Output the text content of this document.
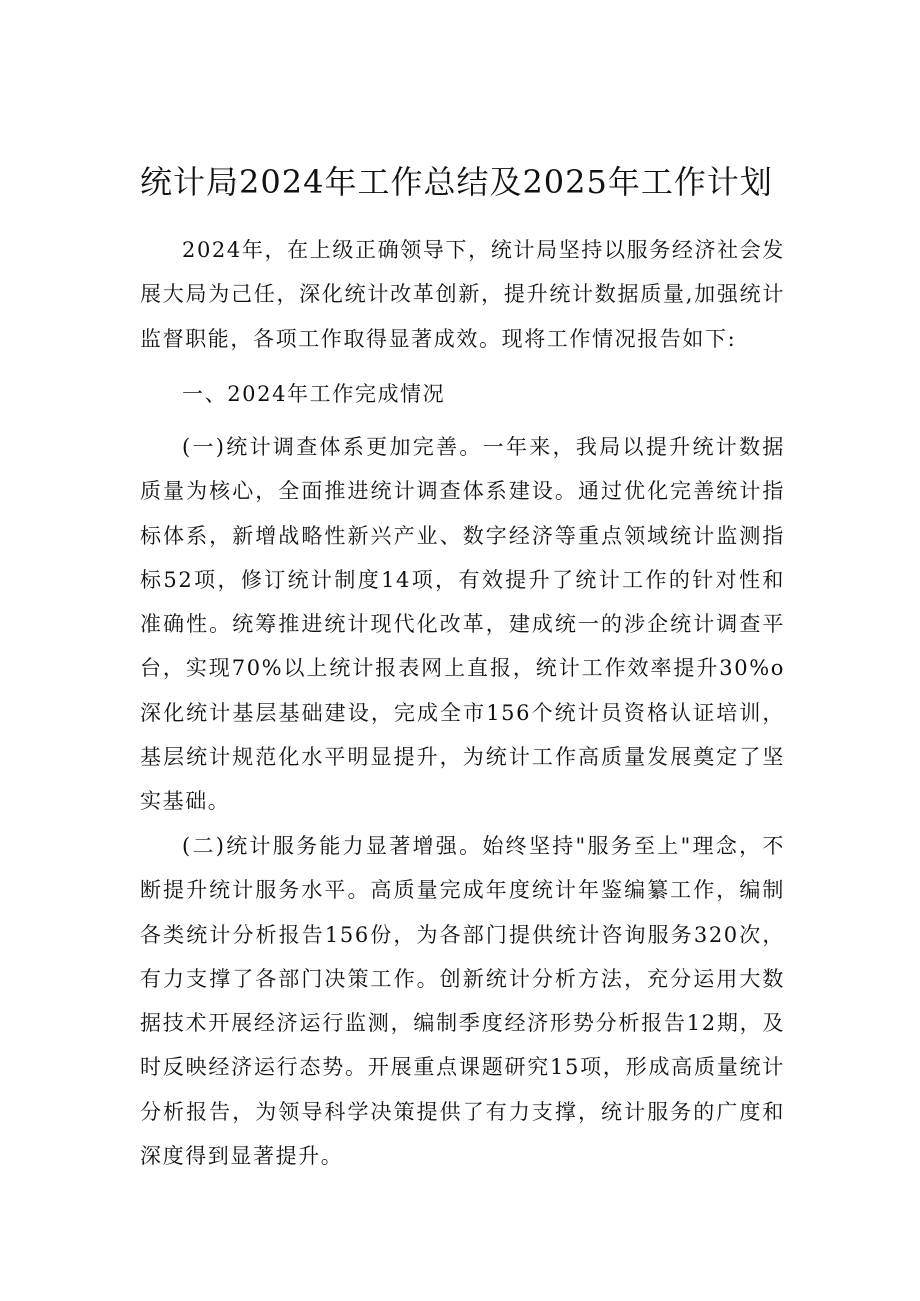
统计局2024年工作总结及2025年工作计划

2024年，在上级正确领导下，统计局坚持以服务经济社会发展大局为己任，深化统计改革创新，提升统计数据质量,加强统计监督职能，各项工作取得显著成效。现将工作情况报告如下:

一、2024年工作完成情况

(一)统计调查体系更加完善。一年来，我局以提升统计数据质量为核心，全面推进统计调查体系建设。通过优化完善统计指标体系，新增战略性新兴产业、数字经济等重点领域统计监测指标52项，修订统计制度14项，有效提升了统计工作的针对性和准确性。统筹推进统计现代化改革，建成统一的涉企统计调查平台，实现70%以上统计报表网上直报，统计工作效率提升30%o深化统计基层基础建设，完成全市156个统计员资格认证培训，基层统计规范化水平明显提升，为统计工作高质量发展奠定了坚实基础。

(二)统计服务能力显著增强。始终坚持"服务至上"理念，不断提升统计服务水平。高质量完成年度统计年鉴编纂工作，编制各类统计分析报告156份，为各部门提供统计咨询服务320次，有力支撑了各部门决策工作。创新统计分析方法，充分运用大数据技术开展经济运行监测，编制季度经济形势分析报告12期，及时反映经济运行态势。开展重点课题研究15项，形成高质量统计分析报告，为领导科学决策提供了有力支撑，统计服务的广度和深度得到显著提升。
